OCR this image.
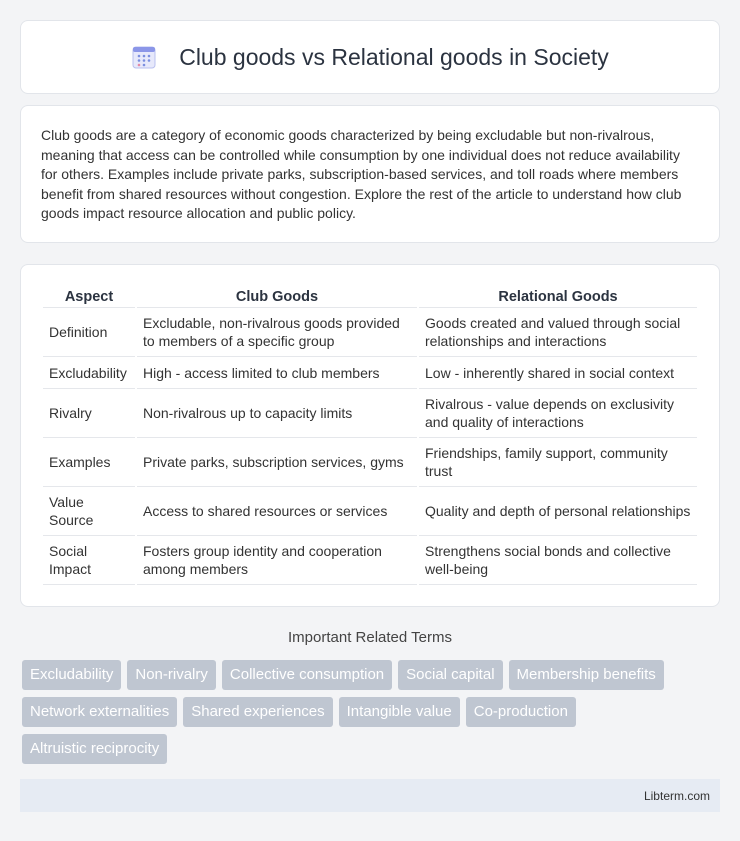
Club goods vs Relational goods in Society

Club goods are a category of economic goods characterized by being excludable but non-rivalrous, meaning that access can be controlled while consumption by one individual does not reduce availability for others. Examples include private parks, subscription-based services, and toll roads where members benefit from shared resources without congestion. Explore the rest of the article to understand how club goods impact resource allocation and public policy.

Aspect	Club Goods	Relational Goods
Definition	Excludable, non-rivalrous goods provided to members of a specific group	Goods created and valued through social relationships and interactions
Excludability	High - access limited to club members	Low - inherently shared in social context
Rivalry	Non-rivalrous up to capacity limits	Rivalrous - value depends on exclusivity and quality of interactions
Examples	Private parks, subscription services, gyms	Friendships, family support, community trust
Value Source	Access to shared resources or services	Quality and depth of personal relationships
Social Impact	Fosters group identity and cooperation among members	Strengthens social bonds and collective well-being
Important Related Terms
Excludability	Non-rivalry	Collective consumption	Social capital	Membership benefits
Network externalities	Shared experiences	Intangible value	Co-production
Altruistic reciprocity
Libterm.com
